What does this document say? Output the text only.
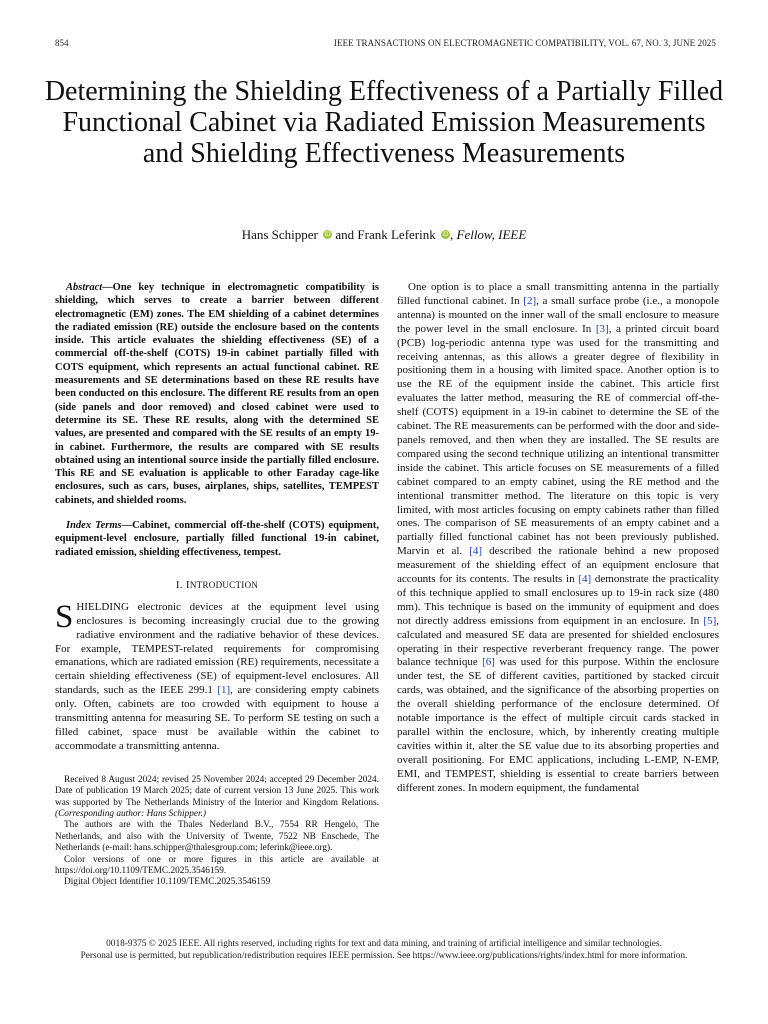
854	IEEE TRANSACTIONS ON ELECTROMAGNETIC COMPATIBILITY, VOL. 67, NO. 3, JUNE 2025
Determining the Shielding Effectiveness of a Partially Filled Functional Cabinet via Radiated Emission Measurements and Shielding Effectiveness Measurements
Hans Schipper iD and Frank Leferink iD, Fellow, IEEE

Abstract—One key technique in electromagnetic compatibility is shielding, which serves to create a barrier between different electromagnetic (EM) zones. The EM shielding of a cabinet determines the radiated emission (RE) outside the enclosure based on the contents inside. This article evaluates the shielding effectiveness (SE) of a commercial off-the-shelf (COTS) 19-in cabinet partially filled with COTS equipment, which represents an actual functional cabinet. RE measurements and SE determinations based on these RE results have been conducted on this enclosure. The different RE results from an open (side panels and door removed) and closed cabinet were used to determine its SE. These RE results, along with the determined SE values, are presented and compared with the SE results of an empty 19-in cabinet. Furthermore, the results are compared with SE results obtained using an intentional source inside the partially filled enclosure. This RE and SE evaluation is applicable to other Faraday cage-like enclosures, such as cars, buses, airplanes, ships, satellites, TEMPEST cabinets, and shielded rooms.

Index Terms—Cabinet, commercial off-the-shelf (COTS) equipment, equipment-level enclosure, partially filled functional 19-in cabinet, radiated emission, shielding effectiveness, tempest.

I. INTRODUCTION

SHIELDING electronic devices at the equipment level using enclosures is becoming increasingly crucial due to the growing radiative environment and the radiative behavior of these devices. For example, TEMPEST-related requirements for compromising emanations, which are radiated emission (RE) requirements, necessitate a certain shielding effectiveness (SE) of equipment-level enclosures. All standards, such as the IEEE 299.1 [1], are considering empty cabinets only. Often, cabinets are too crowded with equipment to house a transmitting antenna for measuring SE. To perform SE testing on such a filled cabinet, space must be available within the cabinet to accommodate a transmitting antenna.

Received 8 August 2024; revised 25 November 2024; accepted 29 December 2024. Date of publication 19 March 2025; date of current version 13 June 2025. This work was supported by The Netherlands Ministry of the Interior and Kingdom Relations. (Corresponding author: Hans Schipper.)

The authors are with the Thales Nederland B.V., 7554 RR Hengelo, The Netherlands, and also with the University of Twente, 7522 NB Enschede, The Netherlands (e-mail: hans.schipper@thalesgroup.com; leferink@ieee.org).

Color versions of one or more figures in this article are available at https://doi.org/10.1109/TEMC.2025.3546159.

Digital Object Identifier 10.1109/TEMC.2025.3546159

One option is to place a small transmitting antenna in the partially filled functional cabinet. In [2], a small surface probe (i.e., a monopole antenna) is mounted on the inner wall of the small enclosure to measure the power level in the small enclosure. In [3], a printed circuit board (PCB) log-periodic antenna type was used for the transmitting and receiving antennas, as this allows a greater degree of flexibility in positioning them in a housing with limited space. Another option is to use the RE of the equipment inside the cabinet. This article first evaluates the latter method, measuring the RE of commercial off-the-shelf (COTS) equipment in a 19-in cabinet to determine the SE of the cabinet. The RE measurements can be performed with the door and side-panels removed, and then when they are installed. The SE results are compared using the second technique utilizing an intentional transmitter inside the cabinet. This article focuses on SE measurements of a filled cabinet compared to an empty cabinet, using the RE method and the intentional transmitter method. The literature on this topic is very limited, with most articles focusing on empty cabinets rather than filled ones. The comparison of SE measurements of an empty cabinet and a partially filled functional cabinet has not been previously published. Marvin et al. [4] described the rationale behind a new proposed measurement of the shielding effect of an equipment enclosure that accounts for its contents. The results in [4] demonstrate the practicality of this technique applied to small enclosures up to 19-in rack size (480 mm). This technique is based on the immunity of equipment and does not directly address emissions from equipment in an enclosure. In [5], calculated and measured SE data are presented for shielded enclosures operating in their respective reverberant frequency range. The power balance technique [6] was used for this purpose. Within the enclosure under test, the SE of different cavities, partitioned by stacked circuit cards, was obtained, and the significance of the absorbing properties on the overall shielding performance of the enclosure determined. Of notable importance is the effect of multiple circuit cards stacked in parallel within the enclosure, which, by inherently creating multiple cavities within it, alter the SE value due to its absorbing properties and overall positioning. For EMC applications, including L-EMP, N-EMP, EMI, and TEMPEST, shielding is essential to create barriers between different zones. In modern equipment, the fundamental

0018-9375 © 2025 IEEE. All rights reserved, including rights for text and data mining, and training of artificial intelligence and similar technologies.
Personal use is permitted, but republication/redistribution requires IEEE permission. See https://www.ieee.org/publications/rights/index.html for more information.
